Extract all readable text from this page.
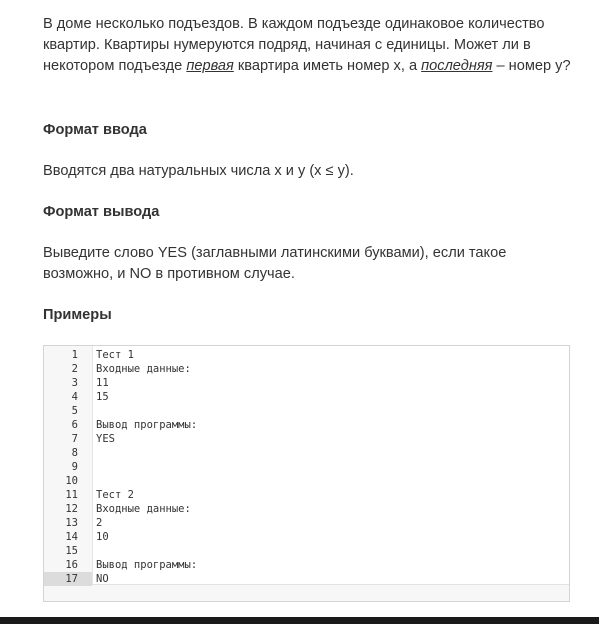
В доме несколько подъездов. В каждом подъезде одинаковое количество квартир. Квартиры нумеруются подряд, начиная с единицы. Может ли в некотором подъезде первая квартира иметь номер x, а последняя – номер y?

Формат ввода

Вводятся два натуральных числа x и y (x ≤ y).

Формат вывода

Выведите слово YES (заглавными латинскими буквами), если такое возможно, и NO в противном случае.

Примеры

1 Тест 1
2 Входные данные:
3 11
4 15
5
6 Вывод программы:
7 YES
8
9
10
11 Тест 2
12 Входные данные:
13 2
14 10
15
16 Вывод программы:
17 NO
